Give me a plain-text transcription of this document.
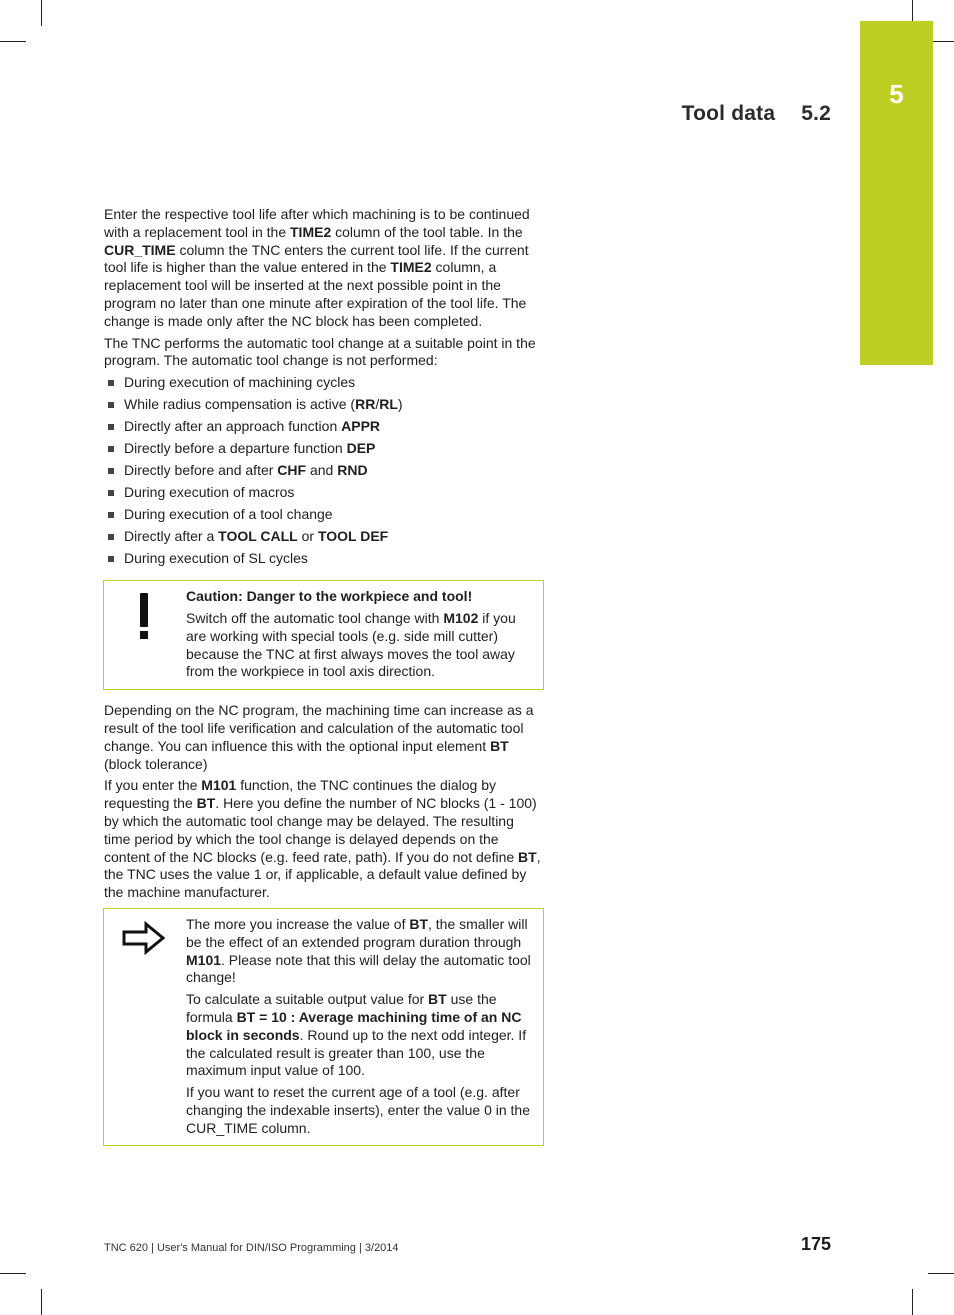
5
Tool data 5.2

Enter the respective tool life after which machining is to be continued with a replacement tool in the TIME2 column of the tool table. In the CUR_TIME column the TNC enters the current tool life. If the current tool life is higher than the value entered in the TIME2 column, a replacement tool will be inserted at the next possible point in the program no later than one minute after expiration of the tool life. The change is made only after the NC block has been completed.

The TNC performs the automatic tool change at a suitable point in the program. The automatic tool change is not performed:

During execution of machining cycles
While radius compensation is active (RR/RL)
Directly after an approach function APPR
Directly before a departure function DEP
Directly before and after CHF and RND
During execution of macros
During execution of a tool change
Directly after a TOOL CALL or TOOL DEF
During execution of SL cycles

Caution: Danger to the workpiece and tool!

Switch off the automatic tool change with M102 if you are working with special tools (e.g. side mill cutter) because the TNC at first always moves the tool away from the workpiece in tool axis direction.

Depending on the NC program, the machining time can increase as a result of the tool life verification and calculation of the automatic tool change. You can influence this with the optional input element BT (block tolerance)

If you enter the M101 function, the TNC continues the dialog by requesting the BT. Here you define the number of NC blocks (1 - 100) by which the automatic tool change may be delayed. The resulting time period by which the tool change is delayed depends on the content of the NC blocks (e.g. feed rate, path). If you do not define BT, the TNC uses the value 1 or, if applicable, a default value defined by the machine manufacturer.

The more you increase the value of BT, the smaller will be the effect of an extended program duration through M101. Please note that this will delay the automatic tool change!

To calculate a suitable output value for BT use the formula BT = 10 : Average machining time of an NC block in seconds. Round up to the next odd integer. If the calculated result is greater than 100, use the maximum input value of 100.

If you want to reset the current age of a tool (e.g. after changing the indexable inserts), enter the value 0 in the CUR_TIME column.

TNC 620 | User's Manual for DIN/ISO Programming | 3/2014	175
